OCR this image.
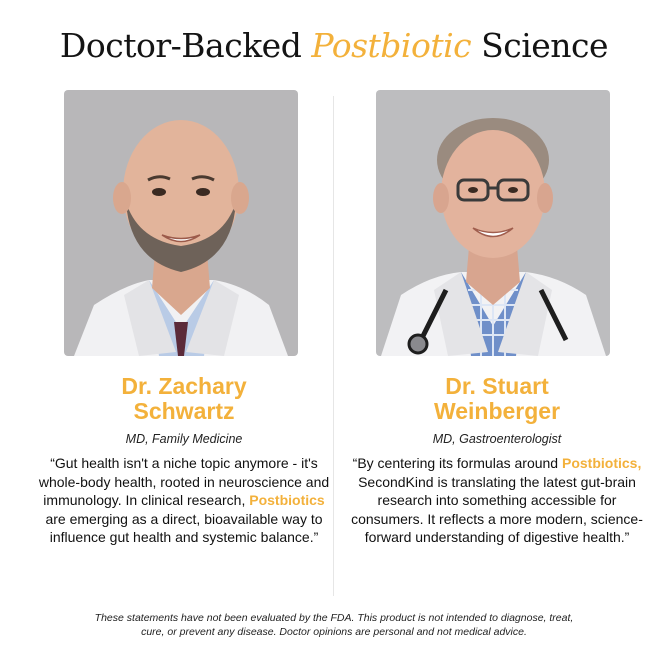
Doctor-Backed Postbiotic Science
Dr. Zachary
Schwartz
MD, Family Medicine
“Gut health isn't a niche topic anymore - it's whole-body health, rooted in neuroscience and immunology. In clinical research, Postbiotics are emerging as a direct, bioavailable way to influence gut health and systemic balance.”
Dr. Stuart
Weinberger
MD, Gastroenterologist
“By centering its formulas around Postbiotics, SecondKind is translating the latest gut-brain research into something accessible for consumers. It reflects a more modern, science-forward understanding of digestive health.”
These statements have not been evaluated by the FDA. This product is not intended to diagnose, treat,
cure, or prevent any disease. Doctor opinions are personal and not medical advice.
